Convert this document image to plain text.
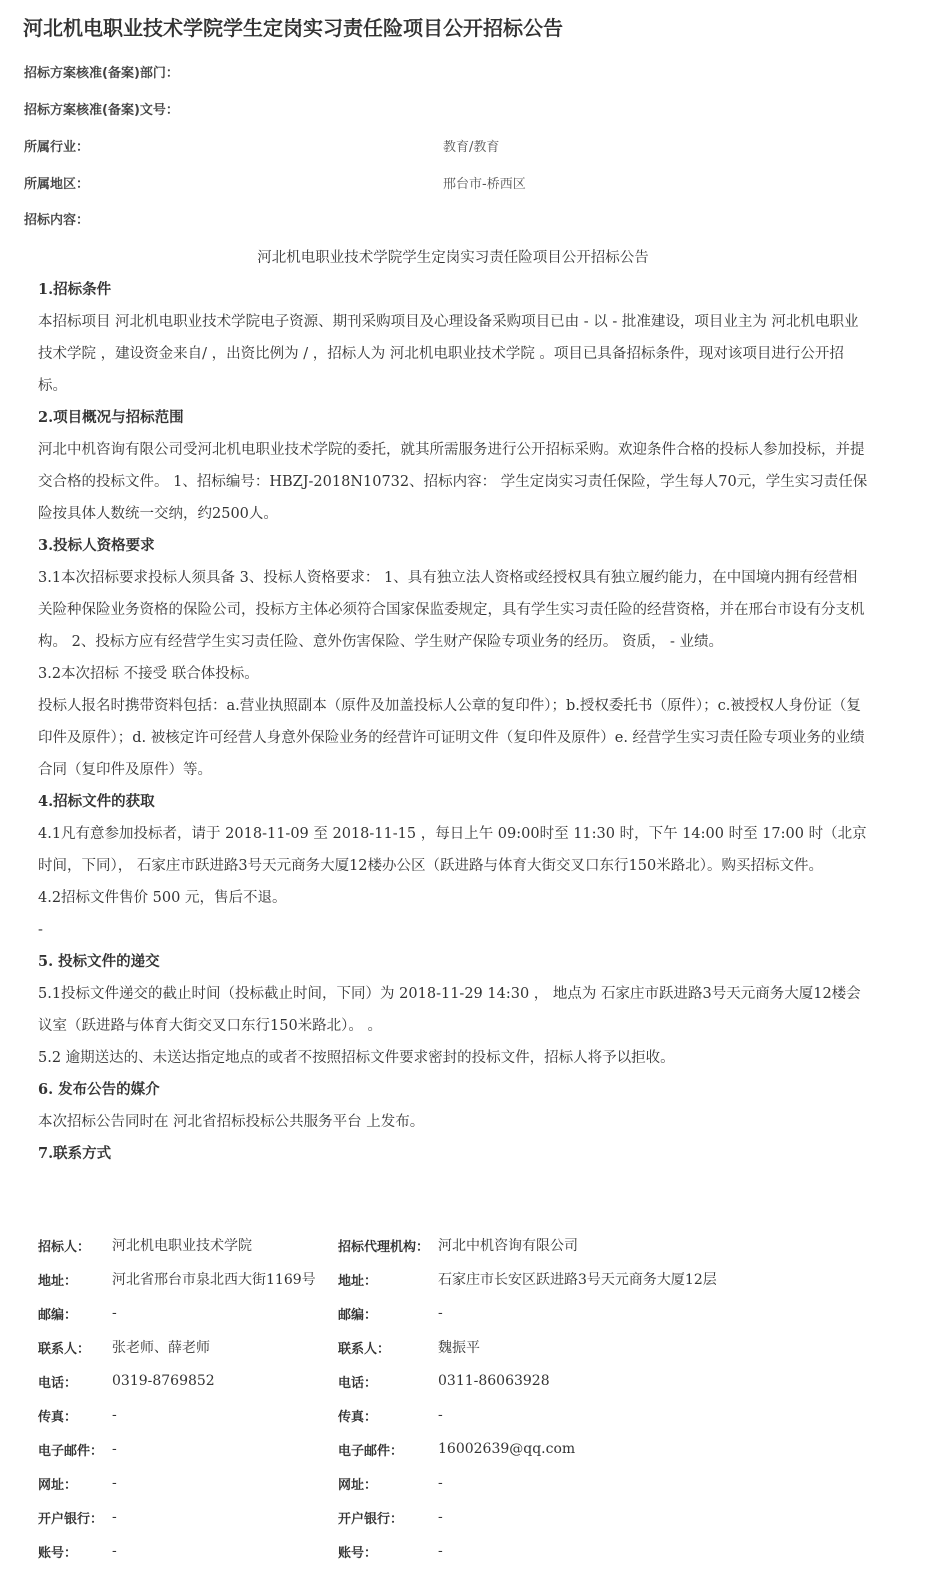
河北机电职业技术学院学生定岗实习责任险项目公开招标公告
招标方案核准(备案)部门：
招标方案核准(备案)文号：
所属行业：	教育/教育
所属地区：	邢台市-桥西区
招标内容：

河北机电职业技术学院学生定岗实习责任险项目公开招标公告

1.招标条件

本招标项目 河北机电职业技术学院电子资源、期刊采购项目及心理设备采购项目已由 - 以 - 批准建设，项目业主为 河北机电职业技术学院 ，建设资金来自/ ，出资比例为 / ，招标人为 河北机电职业技术学院 。项目已具备招标条件，现对该项目进行公开招标。

2.项目概况与招标范围

河北中机咨询有限公司受河北机电职业技术学院的委托，就其所需服务进行公开招标采购。欢迎条件合格的投标人参加投标，并提交合格的投标文件。 1、招标编号：HBZJ-2018N10732、招标内容： 学生定岗实习责任保险，学生每人70元，学生实习责任保险按具体人数统一交纳，约2500人。

3.投标人资格要求

3.1本次招标要求投标人须具备 3、投标人资格要求： 1、具有独立法人资格或经授权具有独立履约能力，在中国境内拥有经营相关险种保险业务资格的保险公司，投标方主体必须符合国家保监委规定，具有学生实习责任险的经营资格，并在邢台市设有分支机构。 2、投标方应有经营学生实习责任险、意外伤害保险、学生财产保险专项业务的经历。 资质， - 业绩。

3.2本次招标 不接受 联合体投标。

投标人报名时携带资料包括：a.营业执照副本（原件及加盖投标人公章的复印件）；b.授权委托书（原件）；c.被授权人身份证（复印件及原件）；d. 被核定许可经营人身意外保险业务的经营许可证明文件（复印件及原件）e. 经营学生实习责任险专项业务的业绩合同（复印件及原件）等。

4.招标文件的获取

4.1凡有意参加投标者，请于 2018-11-09 至 2018-11-15 ，每日上午 09:00时至 11:30 时，下午 14:00 时至 17:00 时（北京时间，下同）， 石家庄市跃进路3号天元商务大厦12楼办公区（跃进路与体育大街交叉口东行150米路北）。购买招标文件。

4.2招标文件售价 500 元，售后不退。

-

5. 投标文件的递交

5.1投标文件递交的截止时间（投标截止时间，下同）为 2018-11-29 14:30 ， 地点为 石家庄市跃进路3号天元商务大厦12楼会议室（跃进路与体育大街交叉口东行150米路北）。 。

5.2 逾期送达的、未送达指定地点的或者不按照招标文件要求密封的投标文件，招标人将予以拒收。

6. 发布公告的媒介

本次招标公告同时在 河北省招标投标公共服务平台 上发布。

7.联系方式

招标人：	河北机电职业技术学院	招标代理机构：	河北中机咨询有限公司
地址：	河北省邢台市泉北西大街1169号	地址：	石家庄市长安区跃进路3号天元商务大厦12层
邮编：	-	邮编：	-
联系人：	张老师、薛老师	联系人：	魏振平
电话：	0319-8769852	电话：	0311-86063928
传真：	-	传真：	-
电子邮件：	-	电子邮件：	16002639@qq.com
网址：	-	网址：	-
开户银行：	-	开户银行：	-
账号：	-	账号：	-
